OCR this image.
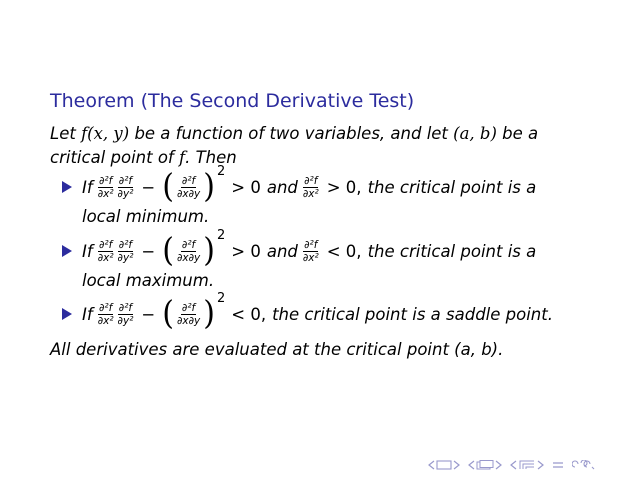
Theorem (The Second Derivative Test)
Let f(x, y) be a function of two variables, and let (a, b) be a
critical point of f. Then
If $\frac{\text{∂²f}}{\text{∂x²}} \frac{\text{∂²f}}{\text{∂y²}}$ − ( $\frac{\text{∂²f}}{\partial x\partial y}$ ) 2
> 0 and $\frac{\text{∂²f}}{\text{∂x²}} > 0$, the critical point is a
local minimum.
If $\frac{\text{∂²f}}{\text{∂x²}} \frac{\text{∂²f}}{\text{∂y²}}$ − ( $\frac{\text{∂²f}}{\partial x\partial y}$ ) 2
> 0 and $\frac{\text{∂²f}}{\text{∂x²}} < 0$, the critical point is a
local maximum.
If $\frac{\text{∂²f}}{\text{∂x²}} \frac{\text{∂²f}}{\text{∂y²}}$ − ( $\frac{\text{∂²f}}{\partial x\partial y}$ ) 2
< 0, the critical point is a saddle point.
All derivatives are evaluated at the critical point (a, b).
